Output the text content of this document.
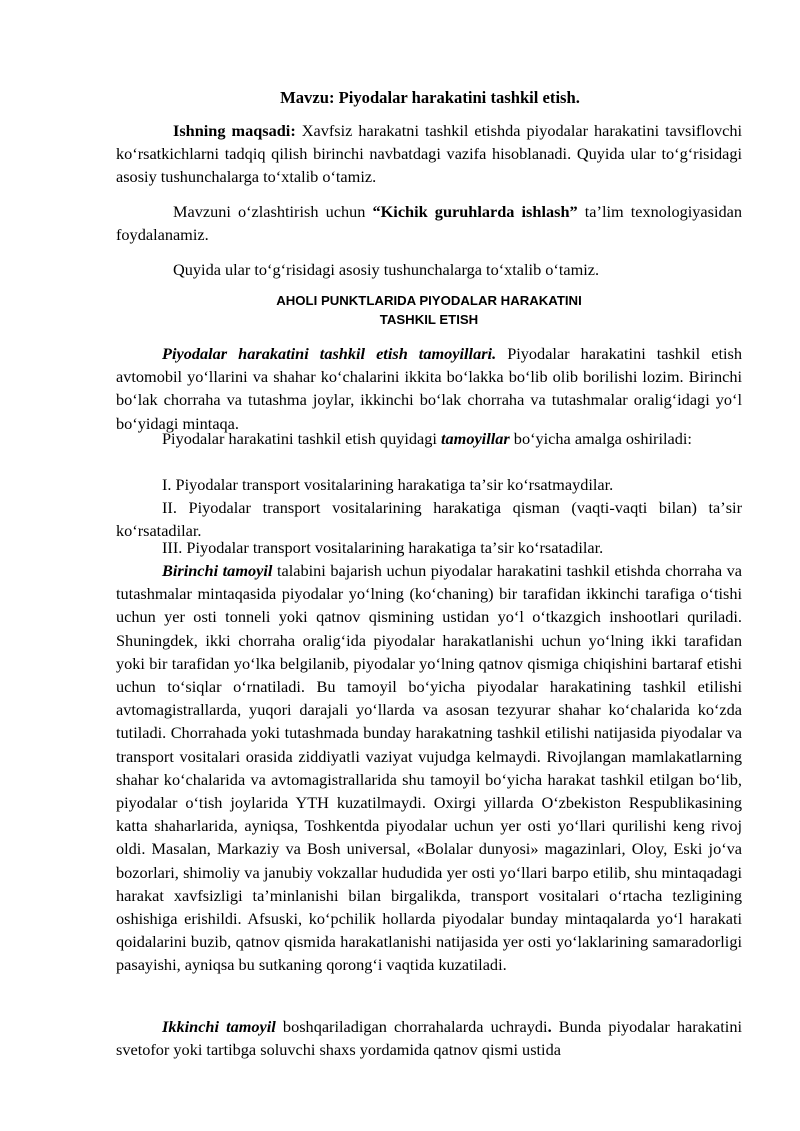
Mavzu: Piyodalar harakatini tashkil etish.

Ishning maqsadi: Xavfsiz harakatni tashkil etishda piyodalar harakatini tavsiflovchi koʻrsatkichlarni tadqiq qilish birinchi navbatdagi vazifa hisoblanadi. Quyida ular toʻgʻrisidagi asosiy tushunchalarga toʻxtalib oʻtamiz.

Mavzuni oʻzlashtirish uchun “Kichik guruhlarda ishlash” taʼlim texnologiyasidan foydalanamiz.

Quyida ular toʻgʻrisidagi asosiy tushunchalarga toʻxtalib oʻtamiz.

AHOLI PUNKTLARIDA PIYODALAR HARAKATINI
TASHKIL ETISH

Piyodalar harakatini tashkil etish tamoyillari. Piyodalar harakatini tashkil etish avtomobil yoʻllarini va shahar koʻchalarini ikkita boʻlakka boʻlib olib borilishi lozim. Birinchi boʻlak chorraha va tutashma joylar, ikkinchi boʻlak chorraha va tutashmalar oraligʻidagi yoʻl boʻyidagi mintaqa.

Piyodalar harakatini tashkil etish quyidagi tamoyillar boʻyicha amalga oshiriladi:

I. Piyodalar transport vositalarining harakatiga taʼsir koʻrsatmaydilar.

II. Piyodalar transport vositalarining harakatiga qisman (vaqti-vaqti bilan) taʼsir koʻrsatadilar.

III. Piyodalar transport vositalarining harakatiga taʼsir koʻrsatadilar.

Birinchi tamoyil talabini bajarish uchun piyodalar harakatini tashkil etishda chorraha va tutashmalar mintaqasida piyodalar yoʻlning (koʻchaning) bir tarafidan ikkinchi tarafiga oʻtishi uchun yer osti tonneli yoki qatnov qismining ustidan yoʻl oʻtkazgich inshootlari quriladi. Shuningdek, ikki chorraha oraligʻida piyodalar harakatlanishi uchun yoʻlning ikki tarafidan yoki bir tarafidan yoʻlka belgilanib, piyodalar yoʻlning qatnov qismiga chiqishini bartaraf etishi uchun toʻsiqlar oʻrnatiladi. Bu tamoyil boʻyicha piyodalar harakatining tashkil etilishi avtomagistrallarda, yuqori darajali yoʻllarda va asosan tezyurar shahar koʻchalarida koʻzda tutiladi. Chorrahada yoki tutashmada bunday harakatning tashkil etilishi natijasida piyodalar va transport vositalari orasida ziddiyatli vaziyat vujudga kelmaydi. Rivojlangan mamlakatlarning shahar koʻchalarida va avtomagistrallarida shu tamoyil boʻyicha harakat tashkil etilgan boʻlib, piyodalar oʻtish joylarida YTH kuzatilmaydi. Oxirgi yillarda Oʻzbekiston Respublikasining katta shaharlarida, ayniqsa, Toshkentda piyodalar uchun yer osti yoʻllari qurilishi keng rivoj oldi. Masalan, Markaziy va Bosh universal, «Bolalar dunyosi» magazinlari, Oloy, Eski joʻva bozorlari, shimoliy va janubiy vokzallar hududida yer osti yoʻllari barpo etilib, shu mintaqadagi harakat xavfsizligi taʼminlanishi bilan birgalikda, transport vositalari oʻrtacha tezligining oshishiga erishildi. Afsuski, koʻpchilik hollarda piyodalar bunday mintaqalarda yoʻl harakati qoidalarini buzib, qatnov qismida harakatlanishi natijasida yer osti yoʻlaklarining samaradorligi pasayishi, ayniqsa bu sutkaning qorongʻi vaqtida kuzatiladi.

Ikkinchi tamoyil boshqariladigan chorrahalarda uchraydi. Bunda piyodalar harakatini svetofor yoki tartibga soluvchi shaxs yordamida qatnov qismi ustida
